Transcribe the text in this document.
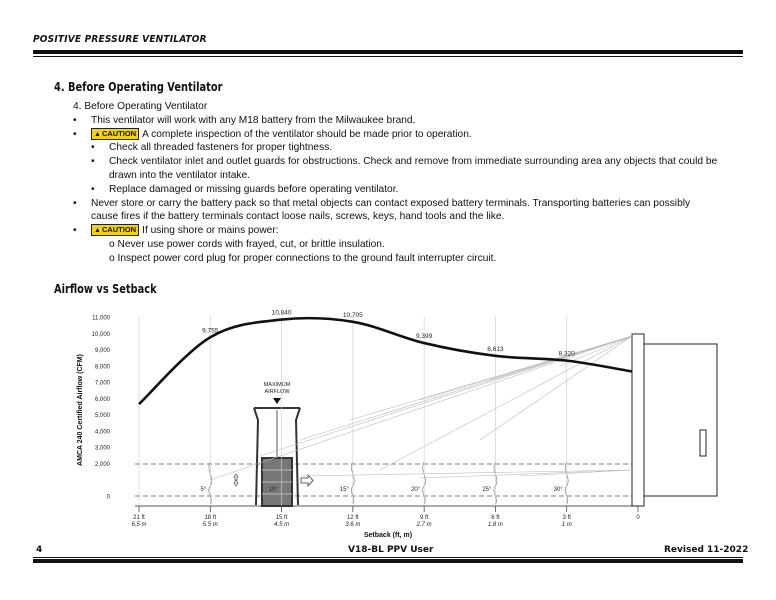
POSITIVE PRESSURE VENTILATOR
4. Before Operating Ventilator
4. Before Operating Ventilator
• This ventilator will work with any M18 battery from the Milwaukee brand.
• ▲CAUTION A complete inspection of the ventilator should be made prior to operation.
• Check all threaded fasteners for proper tightness.
• Check ventilator inlet and outlet guards for obstructions. Check and remove from immediate surrounding area any objects that could be
drawn into the ventilator intake.
• Replace damaged or missing guards before operating ventilator.
• Never store or carry the battery pack so that metal objects can contact exposed battery terminals. Transporting batteries can possibly
cause fires if the battery terminals contact loose nails, screws, keys, hand tools and the like.
• ▲CAUTION If using shore or mains power:
o Never use power cords with frayed, cut, or brittle insulation.
o Inspect power cord plug for proper connections to the ground fault interrupter circuit.
Airflow vs Setback
5°	10°	15°	20°	25°	30°
11,000
10,000
9,000
8,000
7,000
6,000
5,000
4,000
3,000
2,000
0
AMCA 240 Certified Airflow (CFM)
21 ft
6.5 m
18 ft
5.5 m
15 ft
4.5 m
12 ft
3.6 m
9 ft
2.7 m
6 ft
1.8 m
3 ft
1 m
0
Setback (ft, m)
9,755
10,840	10,705
9,399
8,613
8,320
MAXIMUM
AIRFLOW
4	V18-BL PPV User	Revised 11-2022
